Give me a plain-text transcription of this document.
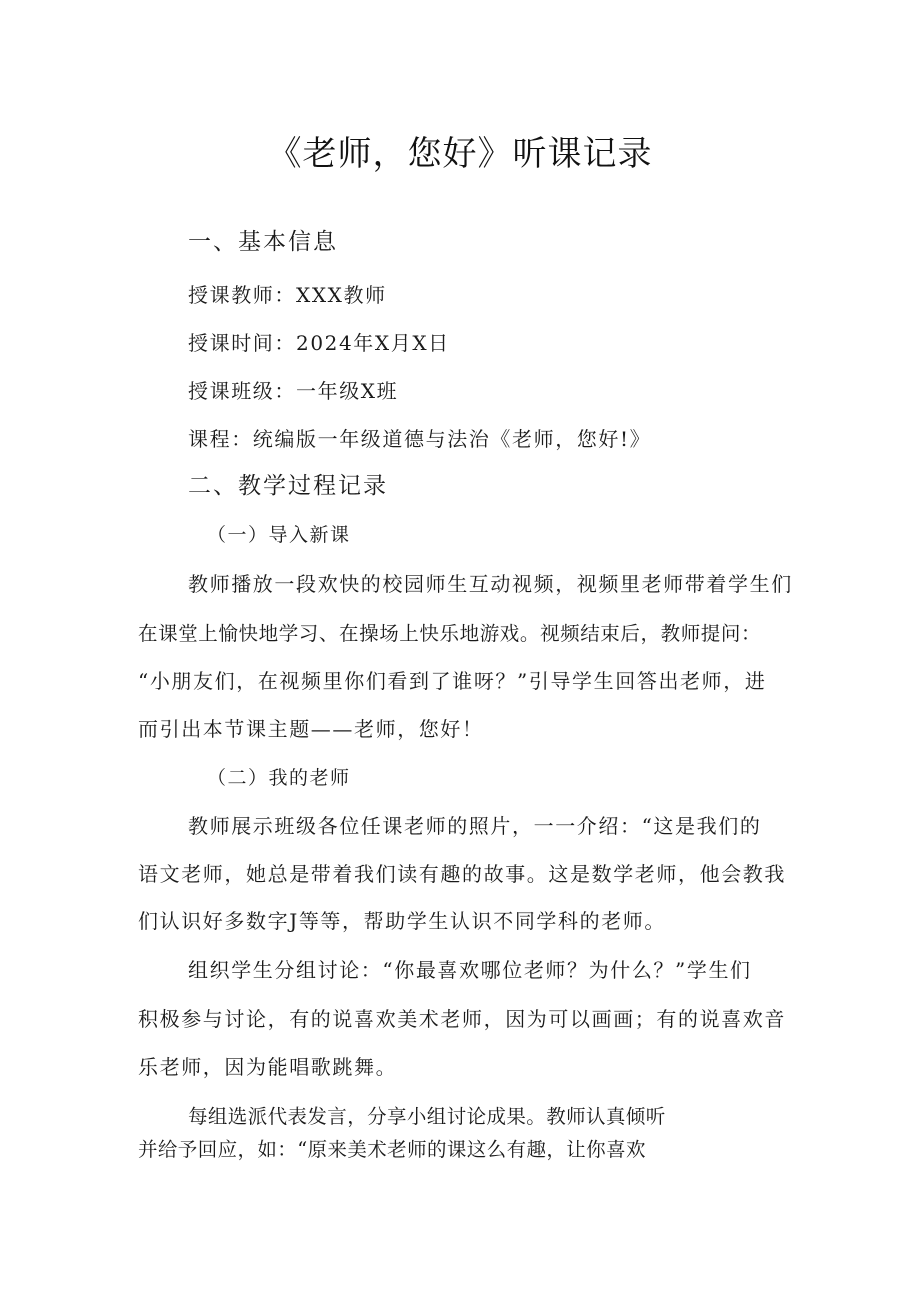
《老师，您好》听课记录
一、基本信息
授课教师：XXX教师
授课时间：2024年X月X日
授课班级：一年级X班
课程：统编版一年级道德与法治《老师，您好!》
二、教学过程记录
（一）导入新课
教师播放一段欢快的校园师生互动视频，视频里老师带着学生们
在课堂上愉快地学习、在操场上快乐地游戏。视频结束后，教师提问：
“小朋友们，在视频里你们看到了谁呀？”引导学生回答出老师，进
而引出本节课主题——老师，您好！
（二）我的老师
教师展示班级各位任课老师的照片，一一介绍：“这是我们的
语文老师，她总是带着我们读有趣的故事。这是数学老师，他会教我
们认识好多数字J等等，帮助学生认识不同学科的老师。
组织学生分组讨论：“你最喜欢哪位老师？为什么？”学生们
积极参与讨论，有的说喜欢美术老师，因为可以画画；有的说喜欢音
乐老师，因为能唱歌跳舞。
每组选派代表发言，分享小组讨论成果。教师认真倾听
并给予回应，如：“原来美术老师的课这么有趣，让你喜欢
